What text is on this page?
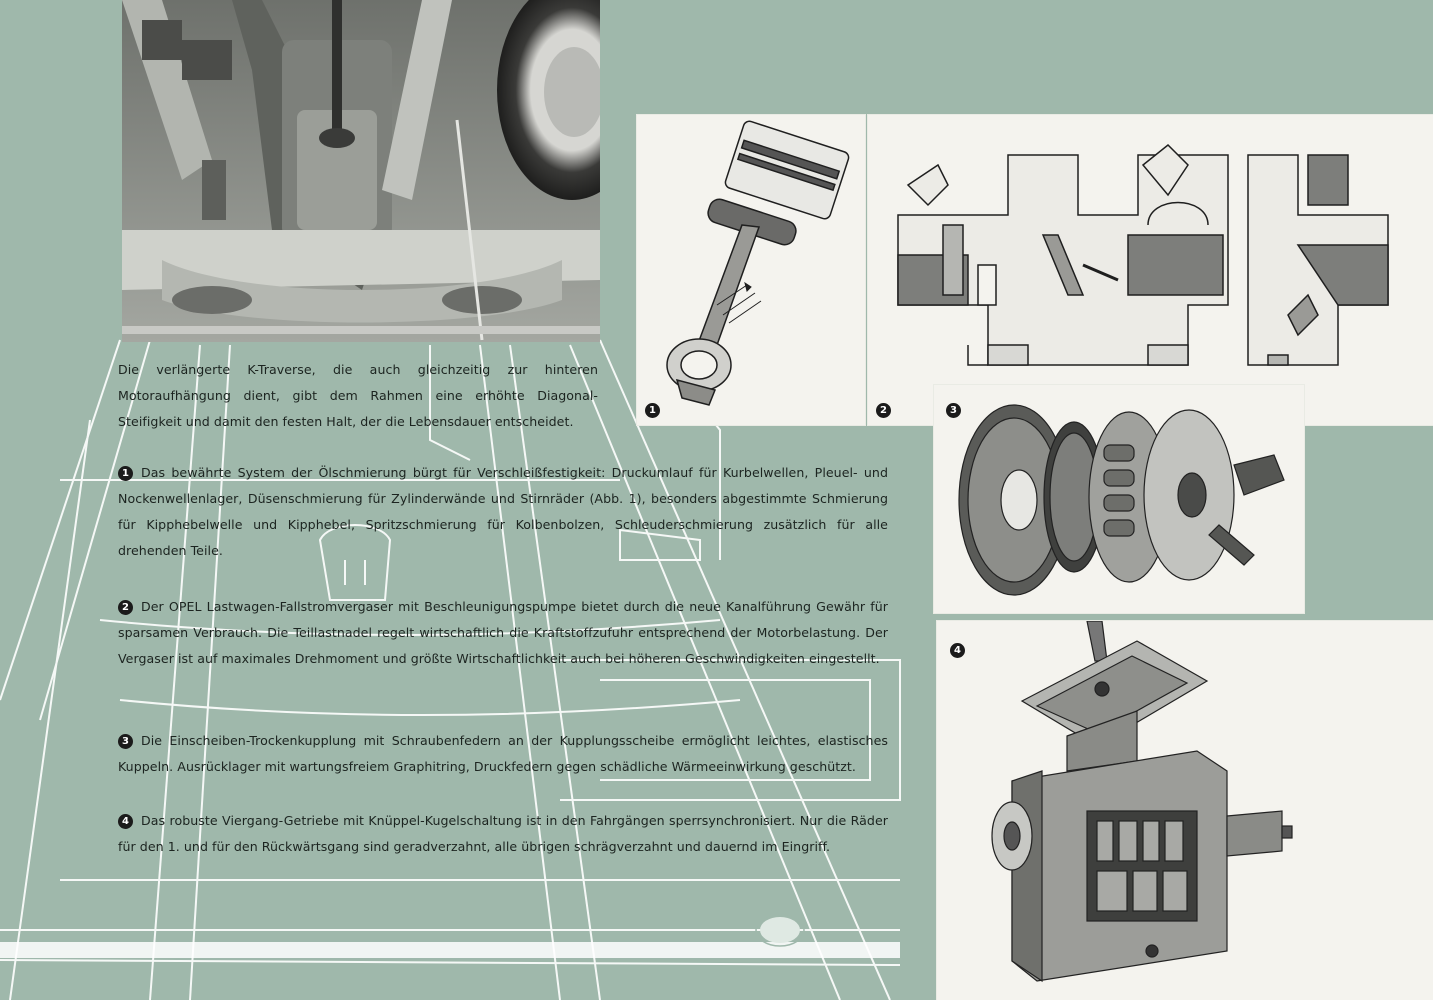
1	2	3
4

Die verlängerte K-Traverse, die auch gleichzeitig zur hinteren Motoraufhängung dient, gibt dem Rahmen eine erhöhte Diagonal-Steifigkeit und damit den festen Halt, der die Lebensdauer entscheidet.

1 Das bewährte System der Ölschmierung bürgt für Verschleißfestigkeit: Druckumlauf für Kurbelwellen, Pleuel- und Nockenwellenlager, Düsenschmierung für Zylinderwände und Stirnräder (Abb. 1), besonders abgestimmte Schmierung für Kipphebelwelle und Kipphebel, Spritzschmierung für Kolbenbolzen, Schleuderschmierung zusätzlich für alle drehenden Teile.

2 Der OPEL Lastwagen-Fallstromvergaser mit Beschleunigungspumpe bietet durch die neue Kanalführung Gewähr für sparsamen Verbrauch. Die Teillastnadel regelt wirtschaftlich die Kraftstoffzufuhr entsprechend der Motorbelastung. Der Vergaser ist auf maximales Drehmoment und größte Wirtschaftlichkeit auch bei höheren Geschwindigkeiten eingestellt.

3 Die Einscheiben-Trockenkupplung mit Schraubenfedern an der Kupplungsscheibe ermöglicht leichtes, elastisches Kuppeln. Ausrücklager mit wartungsfreiem Graphitring, Druckfedern gegen schädliche Wärmeeinwirkung geschützt.

4 Das robuste Viergang-Getriebe mit Knüppel-Kugelschaltung ist in den Fahrgängen sperrsynchronisiert. Nur die Räder für den 1. und für den Rückwärtsgang sind geradverzahnt, alle übrigen schrägverzahnt und dauernd im Eingriff.
